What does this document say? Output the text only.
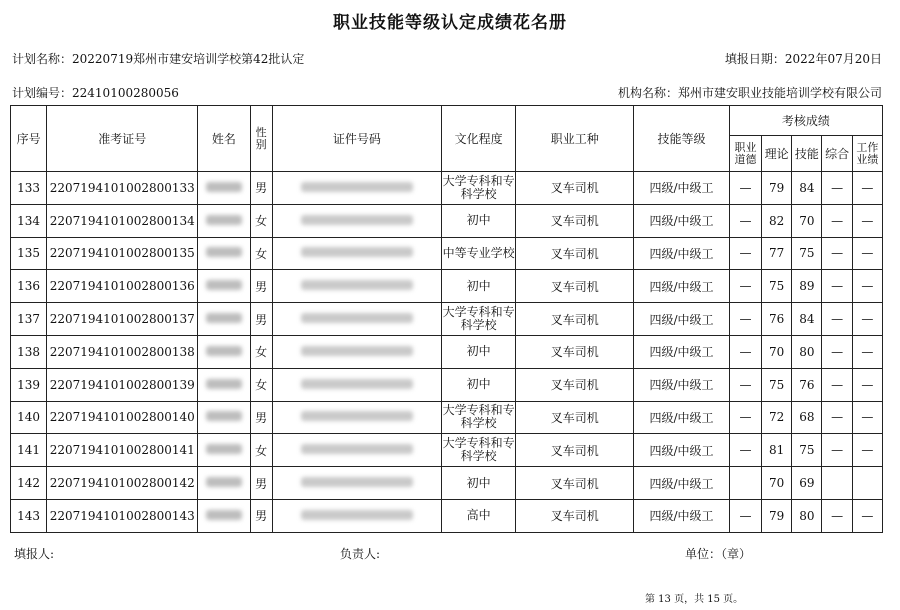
职业技能等级认定成绩花名册
计划名称：20220719郑州市建安培训学校第42批认定	填报日期：2022年07月20日
计划编号：22410100280056	机构名称：郑州市建安职业技能培训学校有限公司
序号	准考证号	姓名	性别	证件号码	文化程度	职业工种	技能等级	考核成绩				
								职业道德	理论	技能	综合	工作业绩
133	220719410100280013​3		男		大学专科和专科学校	叉车司机	四级/中级工	—	79	84	—	—
134	2207194101002800134		女		初中	叉车司机	四级/中级工	—	82	70	—	—
135	2207194101002800135		女		中等专业学校	叉车司机	四级/中级工	—	77	75	—	—
136	2207194101002800136		男		初中	叉车司机	四级/中级工	—	75	89	—	—
137	2207194101002800137		男		大学专科和专科学校	叉车司机	四级/中级工	—	76	84	—	—
138	2207194101002800138		女		初中	叉车司机	四级/中级工	—	70	80	—	—
139	2207194101002800139		女		初中	叉车司机	四级/中级工	—	75	76	—	—
140	2207194101002800140		男		大学专科和专科学校	叉车司机	四级/中级工	—	72	68	—	—
141	2207194101002800141		女		大学专科和专科学校	叉车司机	四级/中级工	—	81	75	—	—
142	2207194101002800142		男		初中	叉车司机	四级/中级工		70	69		
143	2207194101002800143		男		高中	叉车司机	四级/中级工	—	79	80	—	—
填报人:	负责人:	单位：（章）
第 13 页，共 15 页。
